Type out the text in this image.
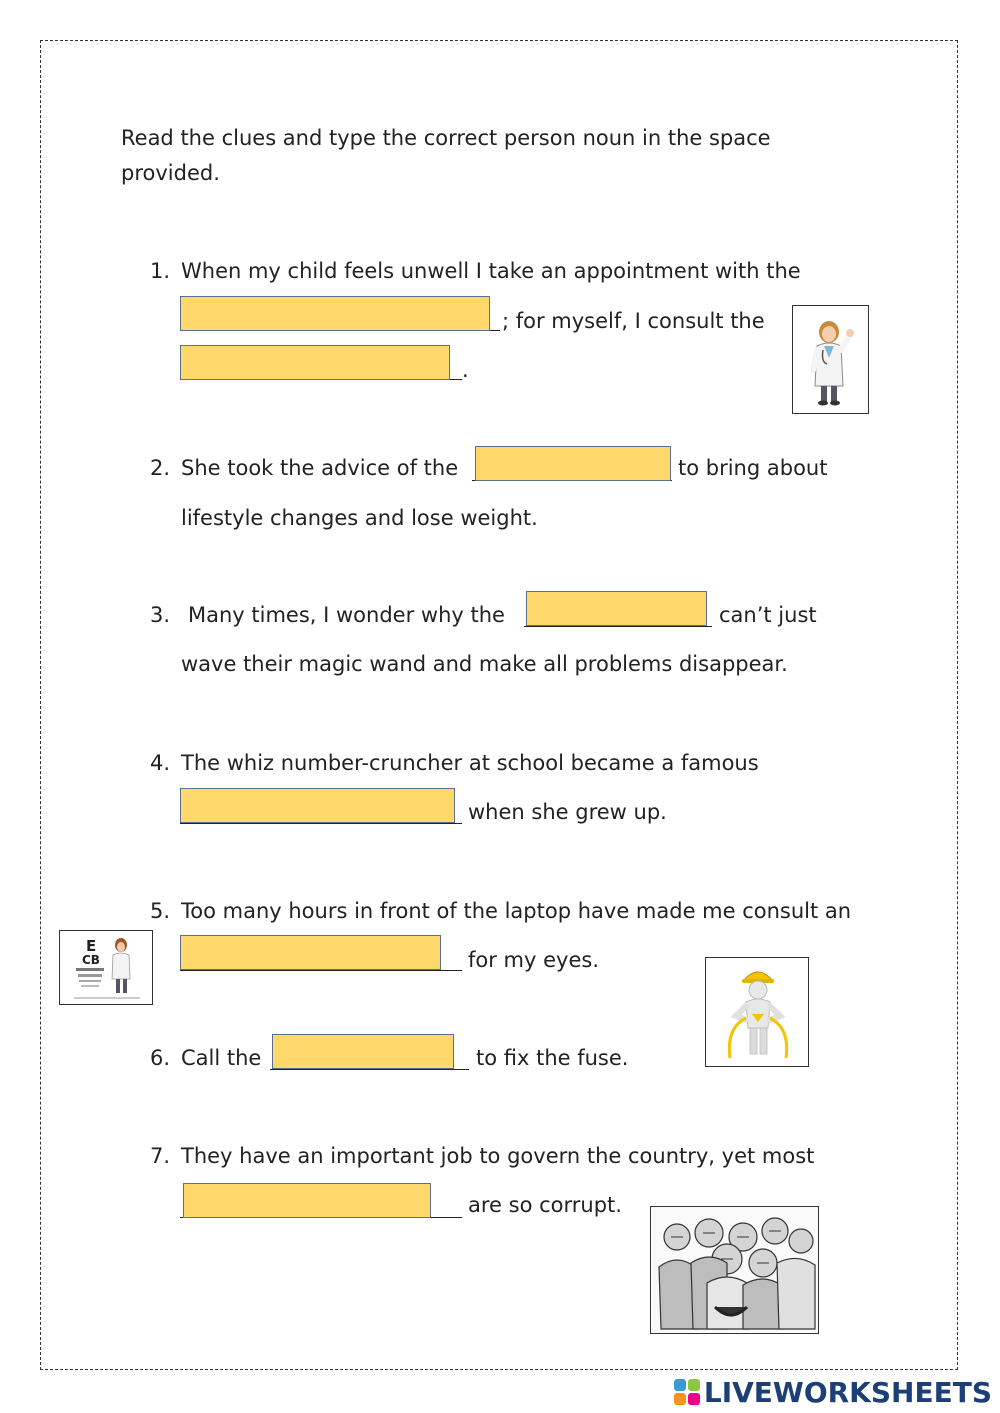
Read the clues and type the correct person noun in the space
provided.
1. When my child feels unwell I take an appointment with the
; for myself, I consult the
.
2. She took the advice of the	to bring about
lifestyle changes and lose weight.
3. Many times, I wonder why the	can’t just
wave their magic wand and make all problems disappear.
4. The whiz number-cruncher at school became a famous
when she grew up.
5. Too many hours in front of the laptop have made me consult an
for my eyes.
E
CB
6. Call the	to fix the fuse.
7. They have an important job to govern the country, yet most
are so corrupt.
LIVEWORKSHEETS
